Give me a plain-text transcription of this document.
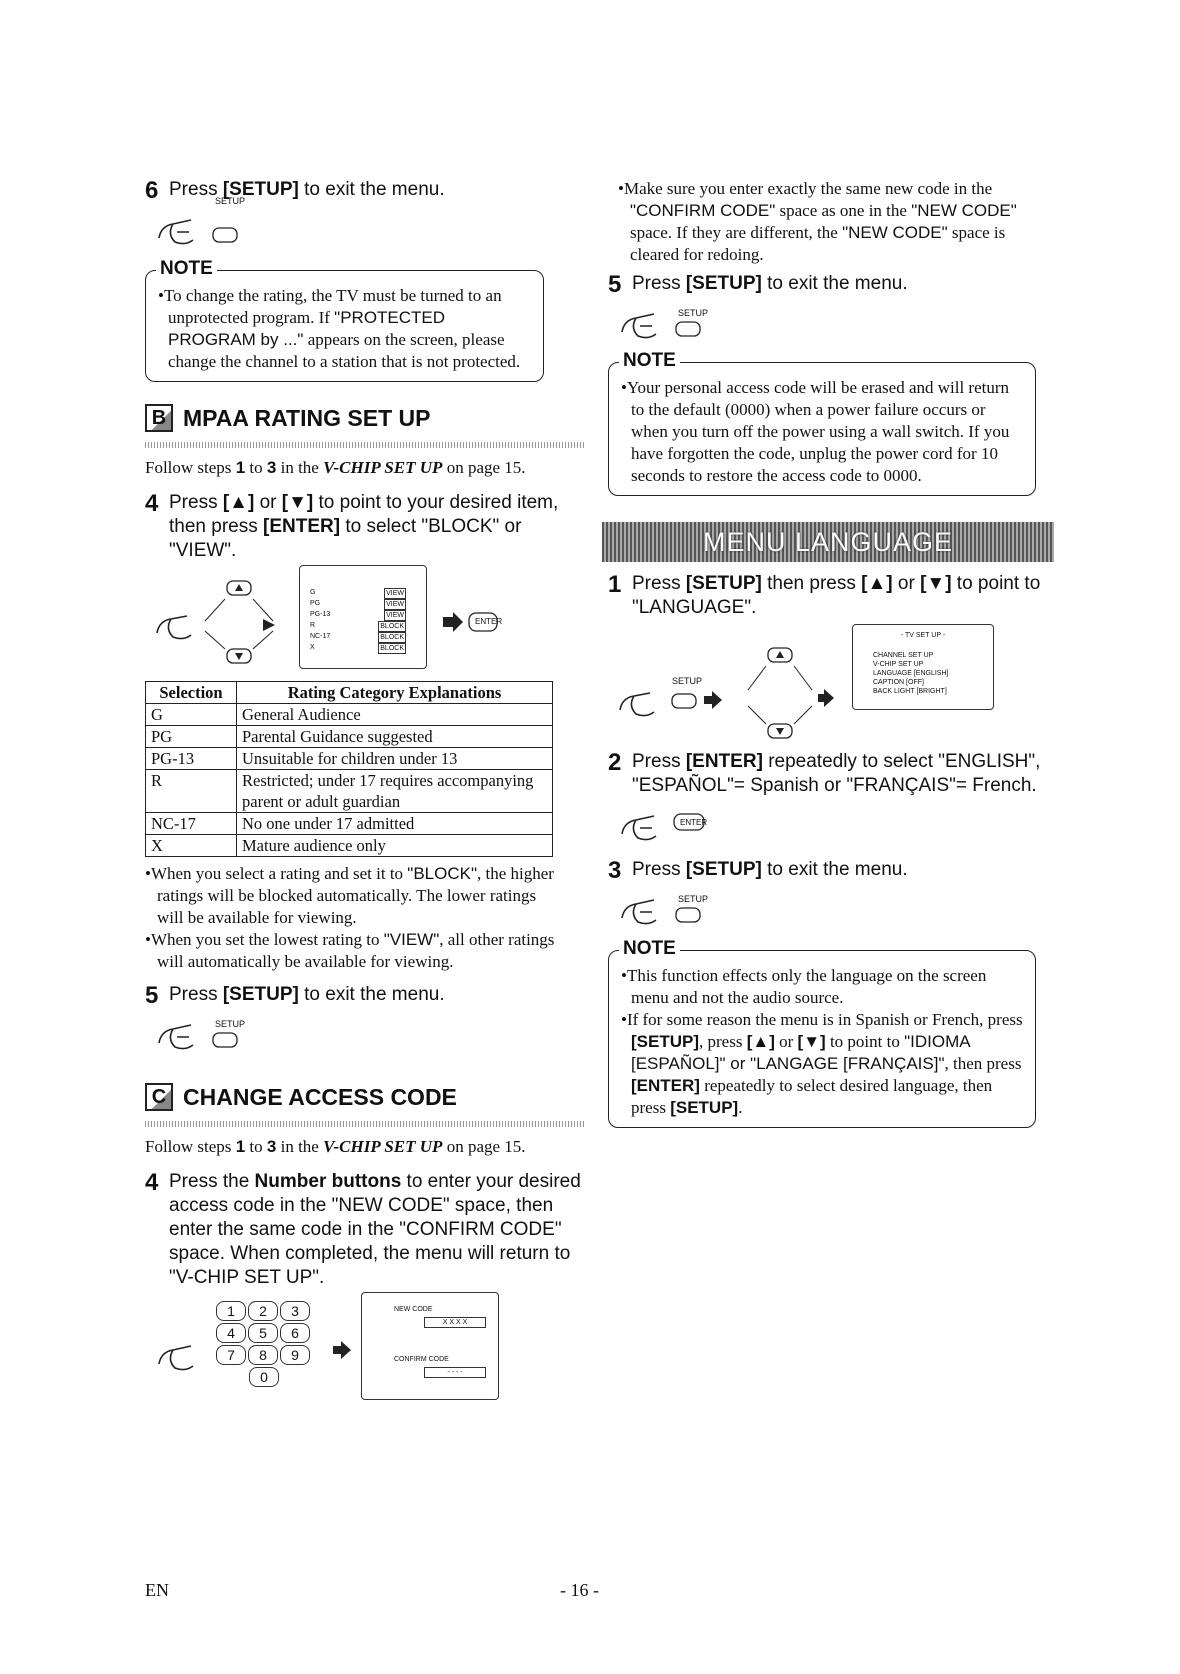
6 Press [SETUP] to exit the menu.
SETUP
NOTE
• To change the rating, the TV must be turned to an unprotected program. If "PROTECTED PROGRAM by ..." appears on the screen, please change the channel to a station that is not protected.
B MPAA RATING SET UP
Follow steps 1 to 3 in the V-CHIP SET UP on page 15.
4 Press [▲] or [▼] to point to your desired item, then press [ENTER] to select "BLOCK" or "VIEW".
G	VIEW
PG	VIEW
PG-13	VIEW
R	BLOCK
NC-17	BLOCK
X	BLOCK
ENTER
Selection	Rating Category Explanations
G	General Audience
PG	Parental Guidance suggested
PG-13	Unsuitable for children under 13
R	Restricted; under 17 requires accompanying parent or adult guardian
NC-17	No one under 17 admitted
X	Mature audience only
• When you select a rating and set it to "BLOCK", the higher ratings will be blocked automatically. The lower ratings will be available for viewing.
• When you set the lowest rating to "VIEW", all other ratings will automatically be available for viewing.
5 Press [SETUP] to exit the menu.
SETUP
C CHANGE ACCESS CODE
Follow steps 1 to 3 in the V-CHIP SET UP on page 15.
4 Press the Number buttons to enter your desired access code in the "NEW CODE" space, then enter the same code in the "CONFIRM CODE" space. When completed, the menu will return to "V-CHIP SET UP".
1 2 34 5 67 8 90
NEW CODE
X X X X
CONFIRM CODE
- - - -
• Make sure you enter exactly the same new code in the "CONFIRM CODE" space as one in the "NEW CODE" space. If they are different, the "NEW CODE" space is cleared for redoing.
5 Press [SETUP] to exit the menu.
SETUP
NOTE
• Your personal access code will be erased and will return to the default (0000) when a power failure occurs or when you turn off the power using a wall switch. If you have forgotten the code, unplug the power cord for 10 seconds to restore the access code to 0000.
MENU LANGUAGE
1 Press [SETUP] then press [▲] or [▼] to point to "LANGUAGE".
SETUP
- TV SET UP -
CHANNEL SET UP
V-CHIP SET UP
LANGUAGE [ENGLISH]
CAPTION [OFF]
BACK LIGHT [BRIGHT]
2 Press [ENTER] repeatedly to select "ENGLISH", "ESPAÑOL"= Spanish or "FRANÇAIS"= French.
ENTER
3 Press [SETUP] to exit the menu.
SETUP
NOTE
• This function effects only the language on the screen menu and not the audio source.
• If for some reason the menu is in Spanish or French, press [SETUP], press [▲] or [▼] to point to "IDIOMA [ESPAÑOL]" or "LANGAGE [FRANÇAIS]", then press [ENTER] repeatedly to select desired language, then press [SETUP].
EN	- 16 -
